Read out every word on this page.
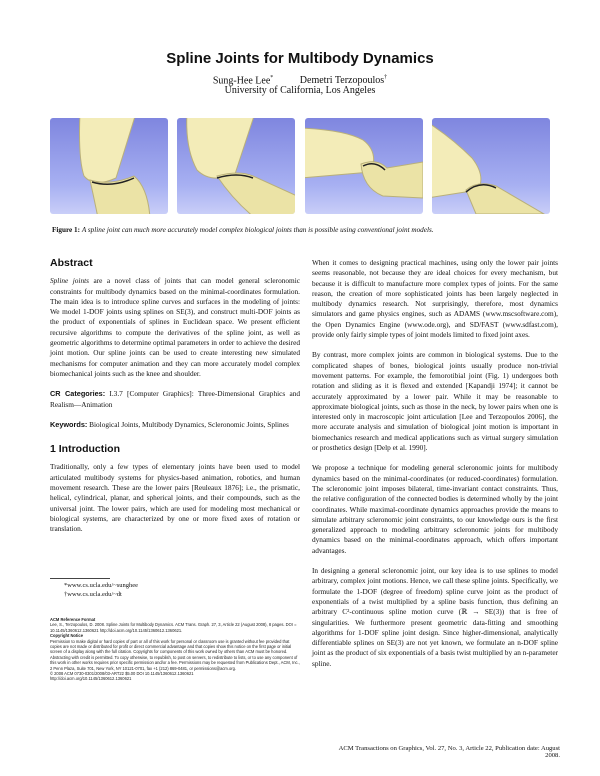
Spline Joints for Multibody Dynamics
Sung-Hee Lee*	Demetri Terzopoulos†
University of California, Los Angeles
Figure 1: A spline joint can much more accurately model complex biological joints than is possible using conventional joint models.
Abstract
Spline joints are a novel class of joints that can model general scleronomic constraints for multibody dynamics based on the minimal-coordinates formulation. The main idea is to introduce spline curves and surfaces in the modeling of joints: We model 1-DOF joints using splines on SE(3), and construct multi-DOF joints as the product of exponentials of splines in Euclidean space. We present efficient recursive algorithms to compute the derivatives of the spline joint, as well as geometric algorithms to determine optimal parameters in order to achieve the desired joint motion. Our spline joints can be used to create interesting new simulated mechanisms for computer animation and they can more accurately model complex biomechanical joints such as the knee and shoulder.
CR Categories: I.3.7 [Computer Graphics]: Three-Dimensional Graphics and Realism—Animation
Keywords: Biological Joints, Multibody Dynamics, Scleronomic Joints, Splines
1 Introduction
Traditionally, only a few types of elementary joints have been used to model articulated multibody systems for physics-based animation, robotics, and human movement research. These are the lower pairs [Reuleaux 1876]; i.e., the prismatic, helical, cylindrical, planar, and spherical joints, and their compounds, such as the universal joint. The lower pairs, which are used for modeling most mechanical or biological systems, are characterized by one or more fixed axes of rotation or translation.
*www.cs.ucla.edu/~sunghee
†www.cs.ucla.edu/~dt
ACM Reference Format
Lee, S., Terzopoulos, D. 2008. Spline Joints for Multibody Dynamics. ACM Trans. Graph. 27, 3, Article 22 (August 2008), 8 pages. DOI = 10.1145/1360612.1360621 http://doi.acm.org/10.1145/1360612.1360621.
Copyright Notice
Permission to make digital or hard copies of part or all of this work for personal or classroom use is granted without fee provided that copies are not made or distributed for profit or direct commercial advantage and that copies show this notice on the first page or initial screen of a display along with the full citation. Copyrights for components of this work owned by others than ACM must be honored. Abstracting with credit is permitted. To copy otherwise, to republish, to post on servers, to redistribute to lists, or to use any component of this work in other works requires prior specific permission and/or a fee. Permissions may be requested from Publications Dept., ACM, Inc., 2 Penn Plaza, Suite 701, New York, NY 10121-0701, fax +1 (212) 869-0481, or permissions@acm.org.
© 2008 ACM 0730-0301/2008/03-ART22 $5.00 DOI 10.1145/1360612.1360621
http://doi.acm.org/10.1145/1360612.1360621
When it comes to designing practical machines, using only the lower pair joints seems reasonable, not because they are ideal choices for every mechanism, but because it is difficult to manufacture more complex types of joints. For the same reason, the creation of more sophisticated joints has been largely neglected in multibody dynamics research. Not surprisingly, therefore, most dynamics simulators and game physics engines, such as ADAMS (www.mscsoftware.com), the Open Dynamics Engine (www.ode.org), and SD/FAST (www.sdfast.com), provide only fairly simple types of joint models limited to fixed joint axes.
By contrast, more complex joints are common in biological systems. Due to the complicated shapes of bones, biological joints usually produce non-trivial movement patterns. For example, the femorotibial joint (Fig. 1) undergoes both rotation and sliding as it is flexed and extended [Kapandji 1974]; it cannot be accurately approximated by a lower pair. While it may be reasonable to approximate biological joints, such as those in the neck, by lower pairs when one is interested only in macroscopic joint articulation [Lee and Terzopoulos 2006], the more accurate analysis and simulation of biological joint motion is important in biomechanics research and medical applications such as virtual surgery simulation or prosthetics design [Delp et al. 1990].
We propose a technique for modeling general scleronomic joints for multibody dynamics based on the minimal-coordinates (or reduced-coordinates) formulation. The scleronomic joint imposes bilateral, time-invariant contact constraints. Thus, the relative configuration of the connected bodies is determined wholly by the joint coordinates. While maximal-coordinate dynamics approaches provide the means to simulate arbitrary scleronomic joint constraints, to our knowledge ours is the first generalized approach to modeling arbitrary scleronomic joints for multibody dynamics based on the minimal-coordinates approach, which offers important advantages.
In designing a general scleronomic joint, our key idea is to use splines to model arbitrary, complex joint motions. Hence, we call these spline joints. Specifically, we formulate the 1-DOF (degree of freedom) spline curve joint as the product of exponentials of a twist multiplied by a spline basis function, thus defining an arbitrary C²-continuous spline motion curve (ℝ → SE(3)) that is free of singularities. We furthermore present geometric data-fitting and smoothing algorithms for 1-DOF spline joint design. Since higher-dimensional, analytically differentiable splines on SE(3) are not yet known, we formulate an n-DOF spline joint as the product of six exponentials of a basis twist multiplied by an n-parameter spline.
ACM Transactions on Graphics, Vol. 27, No. 3, Article 22, Publication date: August 2008.
